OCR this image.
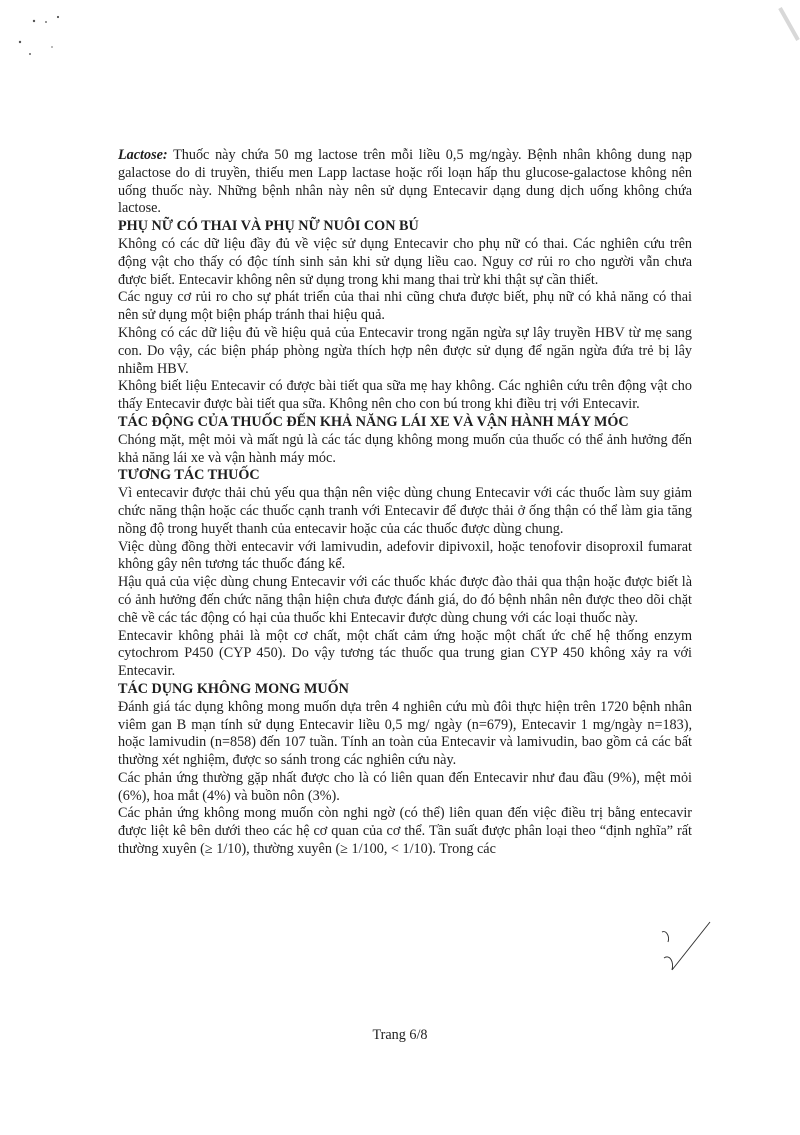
Lactose: Thuốc này chứa 50 mg lactose trên mỗi liều 0,5 mg/ngày. Bệnh nhân không dung nạp galactose do di truyền, thiếu men Lapp lactase hoặc rối loạn hấp thu glucose-galactose không nên uống thuốc này. Những bệnh nhân này nên sử dụng Entecavir dạng dung dịch uống không chứa lactose.

PHỤ NỮ CÓ THAI VÀ PHỤ NỮ NUÔI CON BÚ

Không có các dữ liệu đầy đủ về việc sử dụng Entecavir cho phụ nữ có thai. Các nghiên cứu trên động vật cho thấy có độc tính sinh sản khi sử dụng liều cao. Nguy cơ rủi ro cho người vẫn chưa được biết. Entecavir không nên sử dụng trong khi mang thai trừ khi thật sự cần thiết.

Các nguy cơ rủi ro cho sự phát triển của thai nhi cũng chưa được biết, phụ nữ có khả năng có thai nên sử dụng một biện pháp tránh thai hiệu quả.

Không có các dữ liệu đủ về hiệu quả của Entecavir trong ngăn ngừa sự lây truyền HBV từ mẹ sang con. Do vậy, các biện pháp phòng ngừa thích hợp nên được sử dụng để ngăn ngừa đứa trẻ bị lây nhiễm HBV.

Không biết liệu Entecavir có được bài tiết qua sữa mẹ hay không. Các nghiên cứu trên động vật cho thấy Entecavir được bài tiết qua sữa. Không nên cho con bú trong khi điều trị với Entecavir.

TÁC ĐỘNG CỦA THUỐC ĐẾN KHẢ NĂNG LÁI XE VÀ VẬN HÀNH MÁY MÓC

Chóng mặt, mệt mỏi và mất ngủ là các tác dụng không mong muốn của thuốc có thể ảnh hưởng đến khả năng lái xe và vận hành máy móc.

TƯƠNG TÁC THUỐC

Vì entecavir được thải chủ yếu qua thận nên việc dùng chung Entecavir với các thuốc làm suy giảm chức năng thận hoặc các thuốc cạnh tranh với Entecavir để được thải ở ống thận có thể làm gia tăng nồng độ trong huyết thanh của entecavir hoặc của các thuốc được dùng chung.

Việc dùng đồng thời entecavir với lamivudin, adefovir dipivoxil, hoặc tenofovir disoproxil fumarat không gây nên tương tác thuốc đáng kể.

Hậu quả của việc dùng chung Entecavir với các thuốc khác được đào thải qua thận hoặc được biết là có ảnh hưởng đến chức năng thận hiện chưa được đánh giá, do đó bệnh nhân nên được theo dõi chặt chẽ về các tác động có hại của thuốc khi Entecavir được dùng chung với các loại thuốc này.

Entecavir không phải là một cơ chất, một chất cảm ứng hoặc một chất ức chế hệ thống enzym cytochrom P450 (CYP 450). Do vậy tương tác thuốc qua trung gian CYP 450 không xảy ra với Entecavir.

TÁC DỤNG KHÔNG MONG MUỐN

Đánh giá tác dụng không mong muốn dựa trên 4 nghiên cứu mù đôi thực hiện trên 1720 bệnh nhân viêm gan B mạn tính sử dụng Entecavir liều 0,5 mg/ ngày (n=679), Entecavir 1 mg/ngày n=183), hoặc lamivudin (n=858) đến 107 tuần. Tính an toàn của Entecavir và lamivudin, bao gồm cả các bất thường xét nghiệm, được so sánh trong các nghiên cứu này.

Các phản ứng thường gặp nhất được cho là có liên quan đến Entecavir như đau đầu (9%), mệt mỏi (6%), hoa mắt (4%) và buồn nôn (3%).

Các phản ứng không mong muốn còn nghi ngờ (có thể) liên quan đến việc điều trị bằng entecavir được liệt kê bên dưới theo các hệ cơ quan của cơ thể. Tần suất được phân loại theo “định nghĩa” rất thường xuyên (≥ 1/10), thường xuyên (≥ 1/100, < 1/10). Trong các

Trang 6/8
